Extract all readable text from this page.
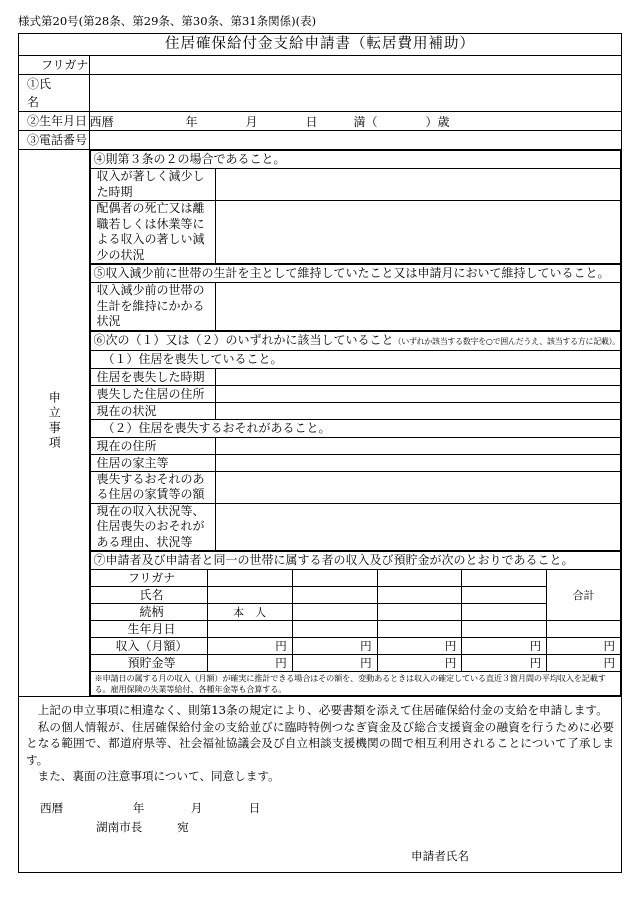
様式第20号(第28条、第29条、第30条、第31条関係)(表)
住居確保給付金支給申請書（転居費用補助）
フリガナ	
①氏　　　名	
②生年月日	西暦　　　　　　年　　　　月　　　　日　　　満（　　　　）歳
③電話番号	
申立事項	
④則第３条の２の場合であること。
収入が著しく減少した時期	
配偶者の死亡又は離職若しくは休業等による収入の著しい減少の状況	
⑤収入減少前に世帯の生計を主として維持していたこと又は申請月において維持していること。
収入減少前の世帯の生計を維持にかかる状況	
⑥次の（１）又は（２）のいずれかに該当していること（いずれか該当する数字を○で囲んだうえ、該当する方に記載）。
（１）住居を喪失していること。
住居を喪失した時期	
喪失した住居の住所	
現在の状況	
（２）住居を喪失するおそれがあること。
現在の住所	
住居の家主等	
喪失するおそれのある住居の家賃等の額	
現在の収入状況等、住居喪失のおそれがある理由、状況等	
⑦申請者及び申請者と同一の世帯に属する者の収入及び預貯金が次のとおりであること。
フリガナ					合計
氏名				
続柄	本　人			
生年月日					
収入（月額）	円	円	円	円	円
預貯金等	円	円	円	円	円
※申請日の属する月の収入（月額）が確実に推計できる場合はその額を、変動あるときは収入の確定している直近３箇月間の平均収入を記載する。雇用保険の失業等給付、各種年金等も合算する。

上記の申立事項に相違なく、則第13条の規定により、必要書類を添えて住居確保給付金の支給を申請します。

私の個人情報が、住居確保給付金の支給並びに臨時特例つなぎ資金及び総合支援資金の融資を行うために必要となる範囲で、都道府県等、社会福祉協議会及び自立相談支援機関の間で相互利用されることについて了承します。

また、裏面の注意事項について、同意します。

西暦　　　　　　年　　　　月　　　　日
湖南市長　　　宛
申請者氏名
